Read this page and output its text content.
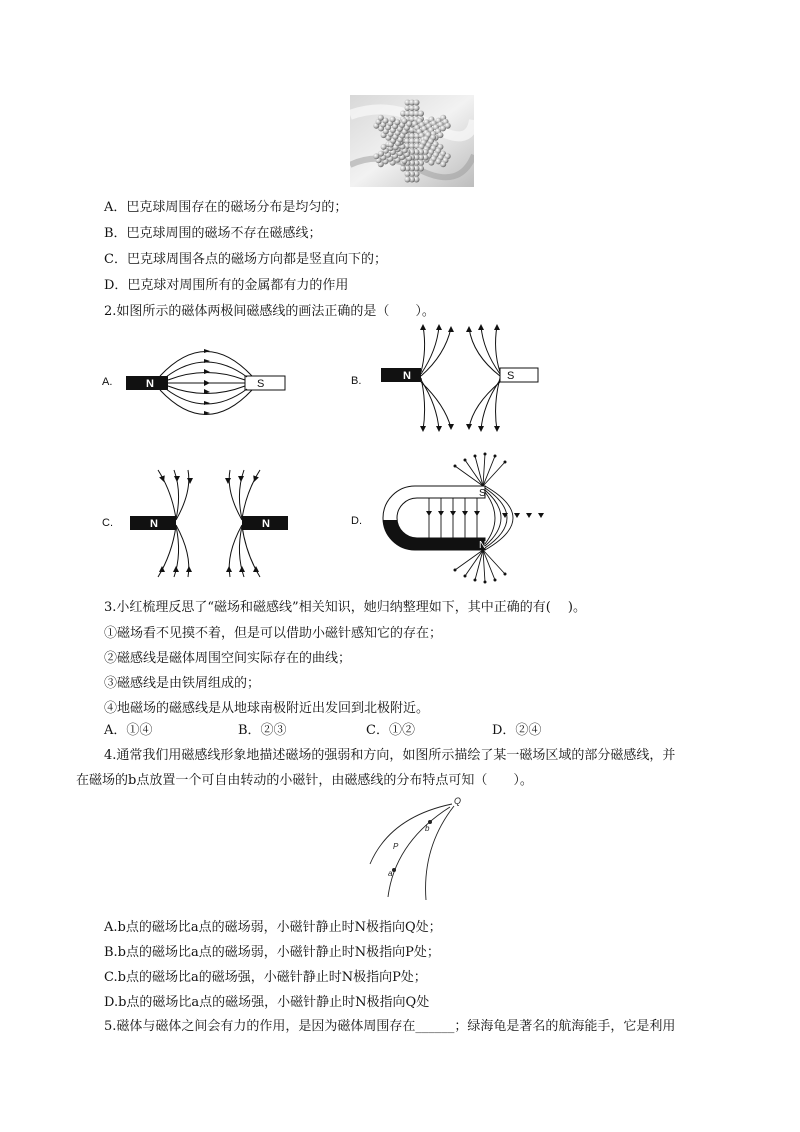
A．巴克球周围存在的磁场分布是均匀的；
B．巴克球周围的磁场不存在磁感线；
C．巴克球周围各点的磁场方向都是竖直向下的；
D．巴克球对周围所有的金属都有力的作用
2.如图所示的磁体两极间磁感线的画法正确的是（　　）。
A.	N	S	B.	N	S
C.	N	N	D.
S
N
3.小红梳理反思了“磁场和磁感线”相关知识，她归纳整理如下，其中正确的有(　 )。
①磁场看不见摸不着，但是可以借助小磁针感知它的存在；
②磁感线是磁体周围空间实际存在的曲线；
③磁感线是由铁屑组成的；
④地磁场的磁感线是从地球南极附近出发回到北极附近。
A．①④	B．②③	C．①②	D．②④
4.通常我们用磁感线形象地描述磁场的强弱和方向，如图所示描绘了某一磁场区域的部分磁感线，并
在磁场的b点放置一个可自由转动的小磁针，由磁感线的分布特点可知（　　）。
Q
P
b
a
A.b点的磁场比a点的磁场弱，小磁针静止时N极指向Q处；
B.b点的磁场比a点的磁场弱，小磁针静止时N极指向P处；
C.b点的磁场比a的磁场强，小磁针静止时N极指向P处；
D.b点的磁场比a点的磁场强，小磁针静止时N极指向Q处
5.磁体与磁体之间会有力的作用，是因为磁体周围存在______；绿海龟是著名的航海能手，它是利用
